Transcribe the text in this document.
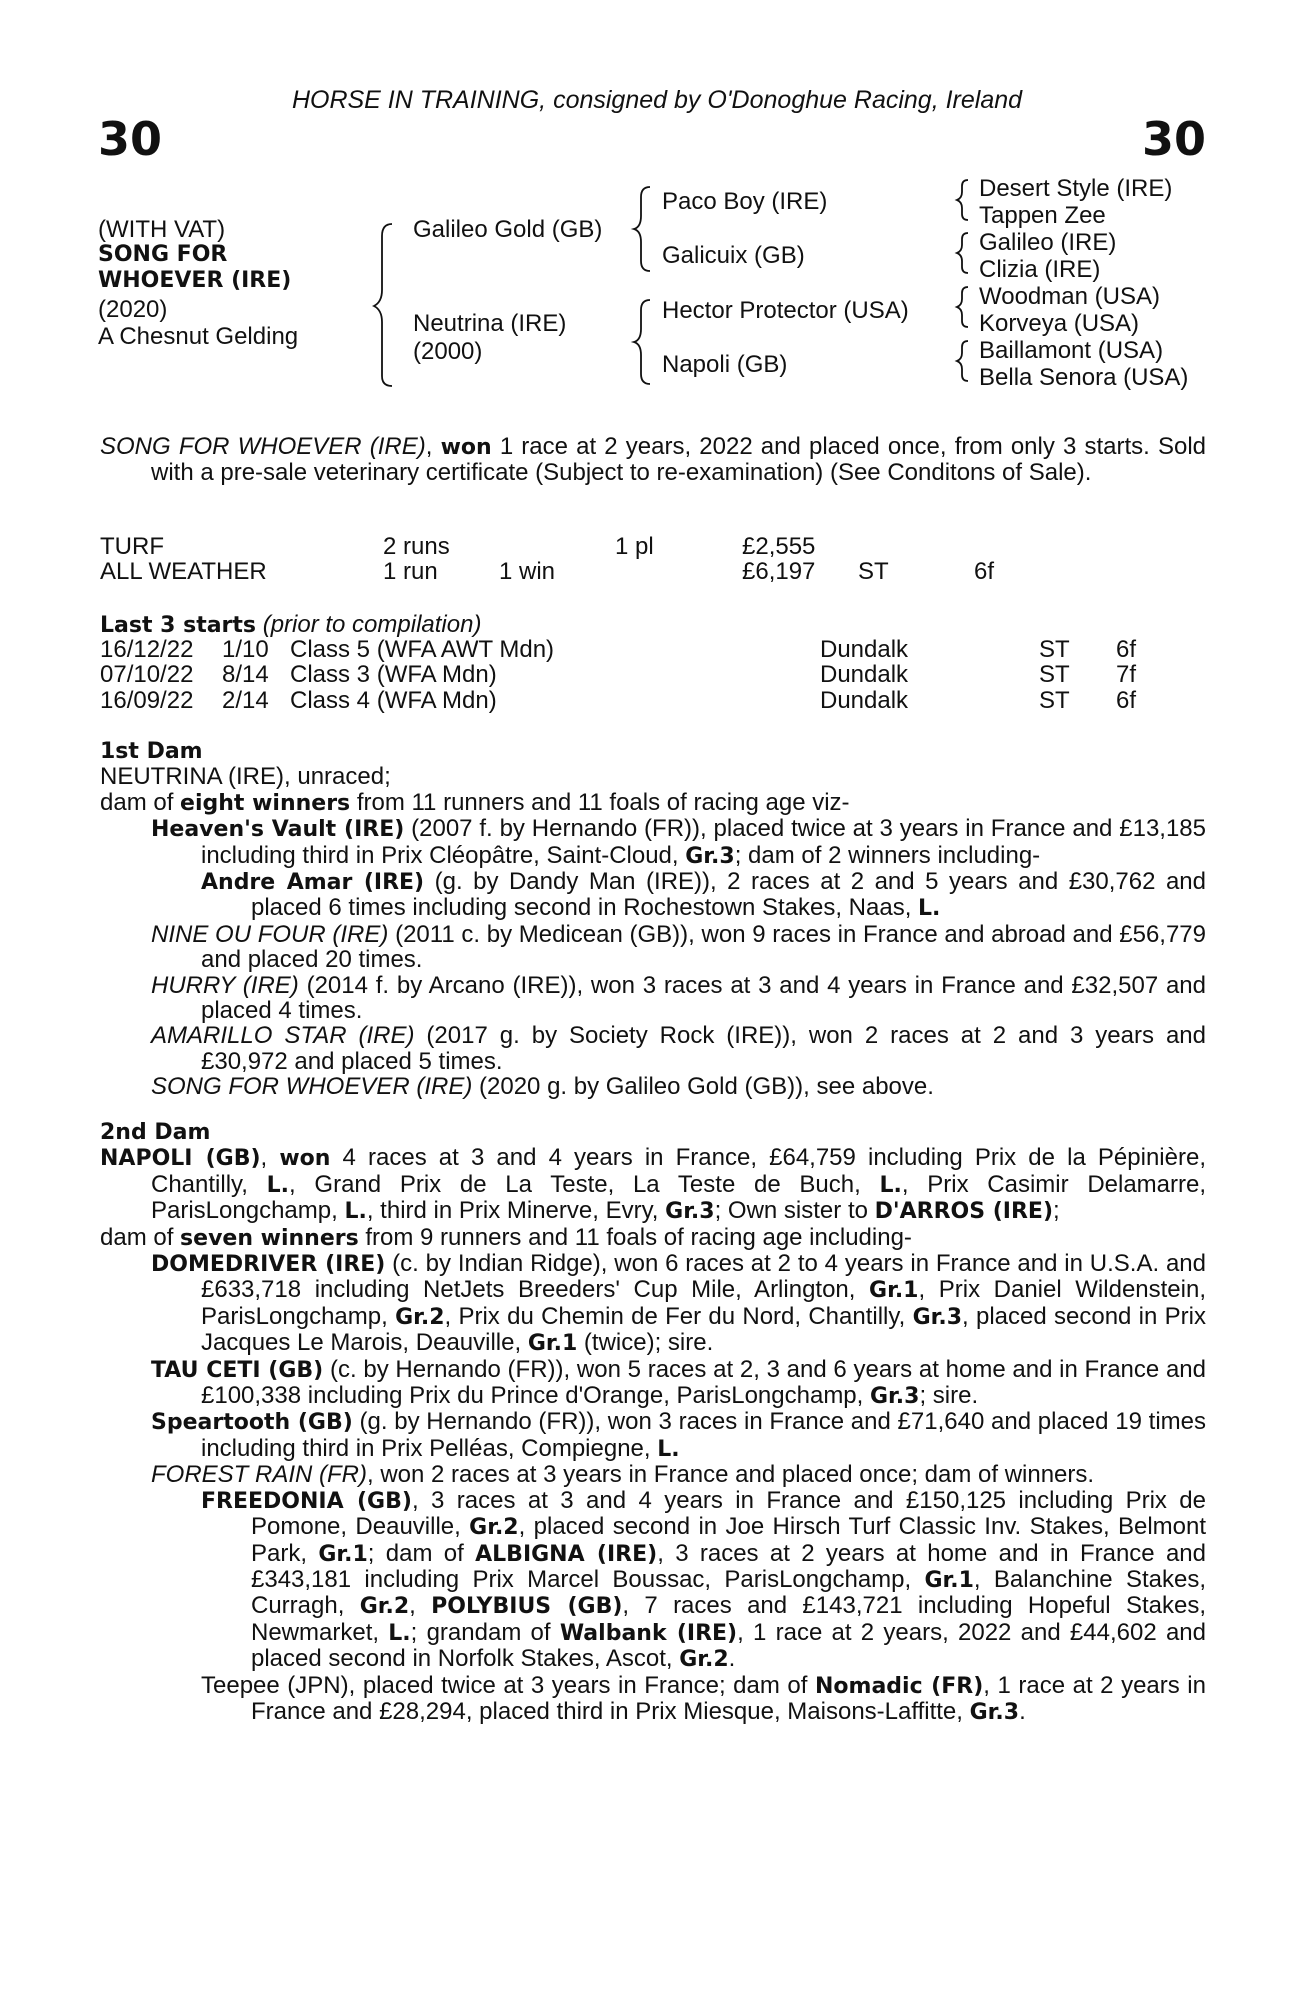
HORSE IN TRAINING, consigned by O'Donoghue Racing, Ireland
30	30
(WITH VAT)
SONG FOR
WHOEVER (IRE)
(2020)
A Chesnut Gelding
Galileo Gold (GB)
Neutrina (IRE)
(2000)
Paco Boy (IRE)
Galicuix (GB)
Hector Protector (USA)
Napoli (GB)
Desert Style (IRE)
Tappen Zee
Galileo (IRE)
Clizia (IRE)
Woodman (USA)
Korveya (USA)
Baillamont (USA)
Bella Senora (USA)

SONG FOR WHOEVER (IRE), won 1 race at 2 years, 2022 and placed once, from only 3 starts. Sold with a pre-sale veterinary certificate (Subject to re-examination) (See Conditons of Sale).

TURF	2 runs		1 pl	£2,555		
ALL WEATHER	1 run	1 win		£6,197	ST	6f
Last 3 starts (prior to compilation)
16/12/22	1/10	Class 5 (WFA AWT Mdn)	Dundalk	ST	6f
07/10/22	8/14	Class 3 (WFA Mdn)	Dundalk	ST	7f
16/09/22	2/14	Class 4 (WFA Mdn)	Dundalk	ST	6f

1st Dam

NEUTRINA (IRE), unraced;

dam of eight winners from 11 runners and 11 foals of racing age viz-

Heaven's Vault (IRE) (2007 f. by Hernando (FR)), placed twice at 3 years in France and £13,185 including third in Prix Cléopâtre, Saint-Cloud, Gr.3; dam of 2 winners including-

Andre Amar (IRE) (g. by Dandy Man (IRE)), 2 races at 2 and 5 years and £30,762 and placed 6 times including second in Rochestown Stakes, Naas, L.

NINE OU FOUR (IRE) (2011 c. by Medicean (GB)), won 9 races in France and abroad and £56,779 and placed 20 times.

HURRY (IRE) (2014 f. by Arcano (IRE)), won 3 races at 3 and 4 years in France and £32,507 and placed 4 times.

AMARILLO STAR (IRE) (2017 g. by Society Rock (IRE)), won 2 races at 2 and 3 years and £30,972 and placed 5 times.

SONG FOR WHOEVER (IRE) (2020 g. by Galileo Gold (GB)), see above.

2nd Dam

NAPOLI (GB), won 4 races at 3 and 4 years in France, £64,759 including Prix de la Pépinière, Chantilly, L., Grand Prix de La Teste, La Teste de Buch, L., Prix Casimir Delamarre, ParisLongchamp, L., third in Prix Minerve, Evry, Gr.3; Own sister to D'ARROS (IRE);

dam of seven winners from 9 runners and 11 foals of racing age including-

DOMEDRIVER (IRE) (c. by Indian Ridge), won 6 races at 2 to 4 years in France and in U.S.A. and £633,718 including NetJets Breeders' Cup Mile, Arlington, Gr.1, Prix Daniel Wildenstein, ParisLongchamp, Gr.2, Prix du Chemin de Fer du Nord, Chantilly, Gr.3, placed second in Prix Jacques Le Marois, Deauville, Gr.1 (twice); sire.

TAU CETI (GB) (c. by Hernando (FR)), won 5 races at 2, 3 and 6 years at home and in France and £100,338 including Prix du Prince d'Orange, ParisLongchamp, Gr.3; sire.

Speartooth (GB) (g. by Hernando (FR)), won 3 races in France and £71,640 and placed 19 times including third in Prix Pelléas, Compiegne, L.

FOREST RAIN (FR), won 2 races at 3 years in France and placed once; dam of winners.

FREEDONIA (GB), 3 races at 3 and 4 years in France and £150,125 including Prix de Pomone, Deauville, Gr.2, placed second in Joe Hirsch Turf Classic Inv. Stakes, Belmont Park, Gr.1; dam of ALBIGNA (IRE), 3 races at 2 years at home and in France and £343,181 including Prix Marcel Boussac, ParisLongchamp, Gr.1, Balanchine Stakes, Curragh, Gr.2, POLYBIUS (GB), 7 races and £143,721 including Hopeful Stakes, Newmarket, L.; grandam of Walbank (IRE), 1 race at 2 years, 2022 and £44,602 and placed second in Norfolk Stakes, Ascot, Gr.2.

Teepee (JPN), placed twice at 3 years in France; dam of Nomadic (FR), 1 race at 2 years in France and £28,294, placed third in Prix Miesque, Maisons-Laffitte, Gr.3.
